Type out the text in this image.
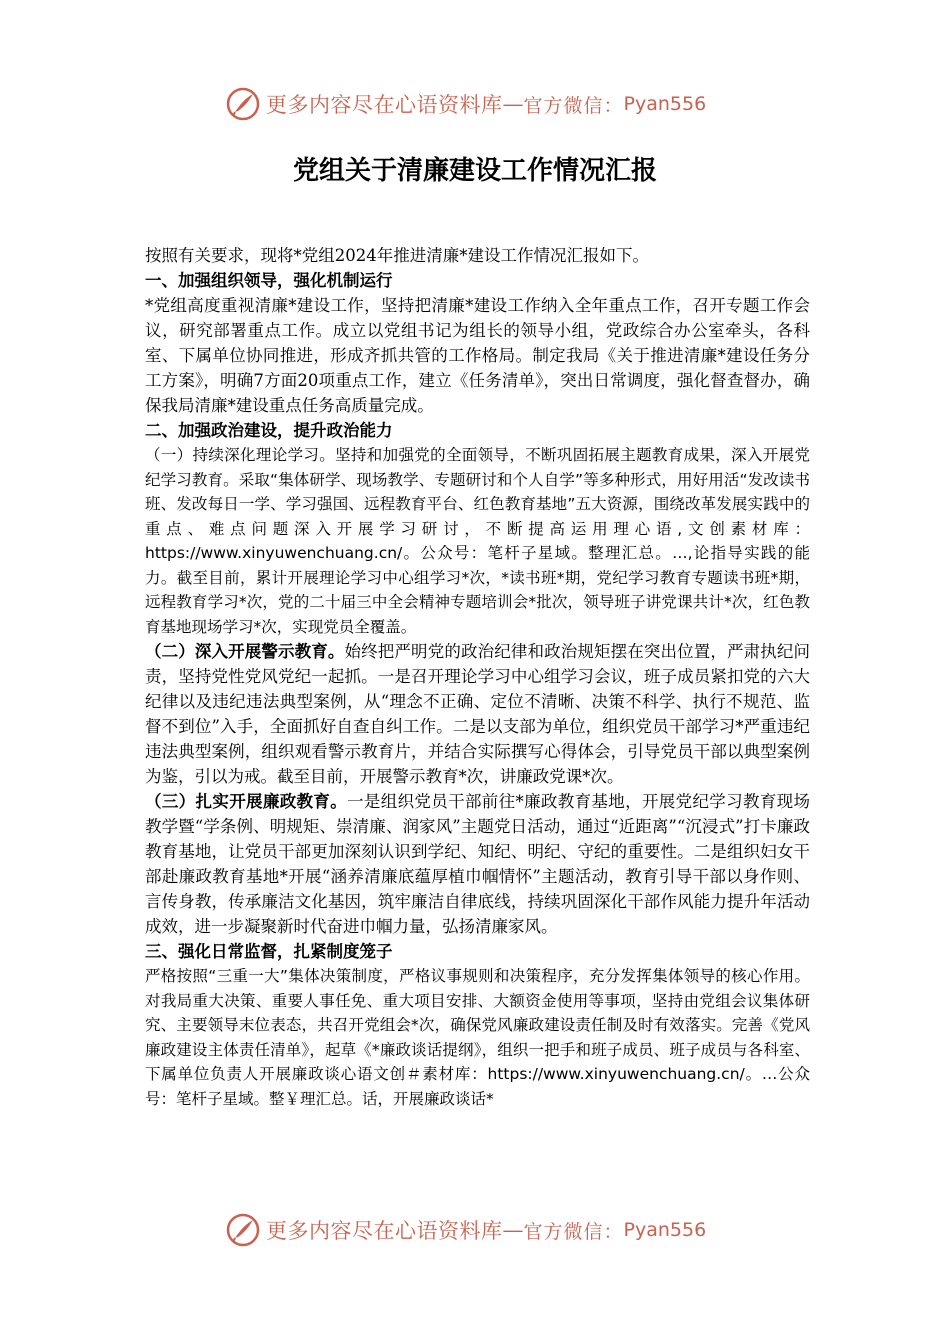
更多内容尽在心语资料库 — 官方微信： Pyan556
党组关于清廉建设工作情况汇报

按照有关要求，现将*党组2024年推进清廉*建设工作情况汇报如下。

一、加强组织领导，强化机制运行

*党组高度重视清廉*建设工作，坚持把清廉*建设工作纳入全年重点工作，召开专题工作会议，研究部署重点工作。成立以党组书记为组长的领导小组，党政综合办公室牵头，各科室、下属单位协同推进，形成齐抓共管的工作格局。制定我局《关于推进清廉*建设任务分工方案》，明确7方面20项重点工作，建立《任务清单》，突出日常调度，强化督查督办，确保我局清廉*建设重点任务高质量完成。

二、加强政治建设，提升政治能力

（一）持续深化理论学习。坚持和加强党的全面领导，不断巩固拓展主题教育成果，深入开展党纪学习教育。采取“集体研学、现场教学、专题研讨和个人自学”等多种形式，用好用活“发改读书班、发改每日一学、学习强国、远程教育平台、红色教育基地”五大资源，围绕改革发展实践中的重点、难点问题深入开展学习研讨，不断提高运用理心语,文创素材库：https://www.xinyuwenchuang.cn/。公众号：笔杆子星域。整理汇总。…,论指导实践的能力。截至目前，累计开展理论学习中心组学习*次，*读书班*期，党纪学习教育专题读书班*期，远程教育学习*次，党的二十届三中全会精神专题培训会*批次，领导班子讲党课共计*次，红色教育基地现场学习*次，实现党员全覆盖。

（二）深入开展警示教育。始终把严明党的政治纪律和政治规矩摆在突出位置，严肃执纪问责，坚持党性党风党纪一起抓。一是召开理论学习中心组学习会议，班子成员紧扣党的六大纪律以及违纪违法典型案例，从“理念不正确、定位不清晰、决策不科学、执行不规范、监督不到位”入手，全面抓好自查自纠工作。二是以支部为单位，组织党员干部学习*严重违纪违法典型案例，组织观看警示教育片，并结合实际撰写心得体会，引导党员干部以典型案例为鉴，引以为戒。截至目前，开展警示教育*次，讲廉政党课*次。

（三）扎实开展廉政教育。一是组织党员干部前往*廉政教育基地，开展党纪学习教育现场教学暨“学条例、明规矩、崇清廉、润家风”主题党日活动，通过“近距离”“沉浸式”打卡廉政教育基地，让党员干部更加深刻认识到学纪、知纪、明纪、守纪的重要性。二是组织妇女干部赴廉政教育基地*开展“涵养清廉底蕴厚植巾帼情怀”主题活动，教育引导干部以身作则、言传身教，传承廉洁文化基因，筑牢廉洁自律底线，持续巩固深化干部作风能力提升年活动成效，进一步凝聚新时代奋进巾帼力量，弘扬清廉家风。

三、强化日常监督，扎紧制度笼子

严格按照“三重一大”集体决策制度，严格议事规则和决策程序，充分发挥集体领导的核心作用。对我局重大决策、重要人事任免、重大项目安排、大额资金使用等事项，坚持由党组会议集体研究、主要领导末位表态，共召开党组会*次，确保党风廉政建设责任制及时有效落实。完善《党风廉政建设主体责任清单》，起草《*廉政谈话提纲》，组织一把手和班子成员、班子成员与各科室、下属单位负责人开展廉政谈心语文创＃素材库：https://www.xinyuwenchuang.cn/。…公众号：笔杆子星域。整￥理汇总。话，开展廉政谈话*

更多内容尽在心语资料库 — 官方微信： Pyan556
